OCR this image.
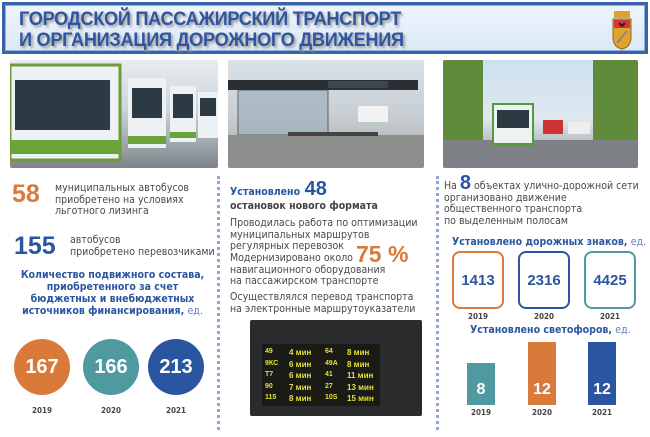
ГОРОДСКОЙ ПАССАЖИРСКИЙ ТРАНСПОРТ
И ОРГАНИЗАЦИЯ ДОРОЖНОГО ДВИЖЕНИЯ
58 муниципальных автобусов
приобретено на условиях
льготного лизинга
155 автобусов
приобретено перевозчиками
Количество подвижного состава,
приобретенного за счет
бюджетных и внебюджетных
источников финансирования, ед.
Установлено 48
остановок нового формата
Проводилась работа по оптимизации
муниципальных маршрутов
регулярных перевозок
Модернизировано около
навигационного оборудования
на пассажирском транспорте
75 %
Осуществлялся перевод транспорта
на электронные маршрутоуказатели
49 4 мин 64 8 мин
9КС 6 мин 49А 8 мин
Т7 6 мин 41 11 мин
90 7 мин 27 13 мин
115 8 мин 10S 15 мин
На 8 объектах улично-дорожной сети
организовано движение
общественного транспорта
по выделенным полосам
Установлено дорожных знаков, ед.
Установлено светофоров, ед.
167
2019
166
2020
213
2021
1413
2019
2316
2020
4425
2021
8
2019
12
2020
12
2021
